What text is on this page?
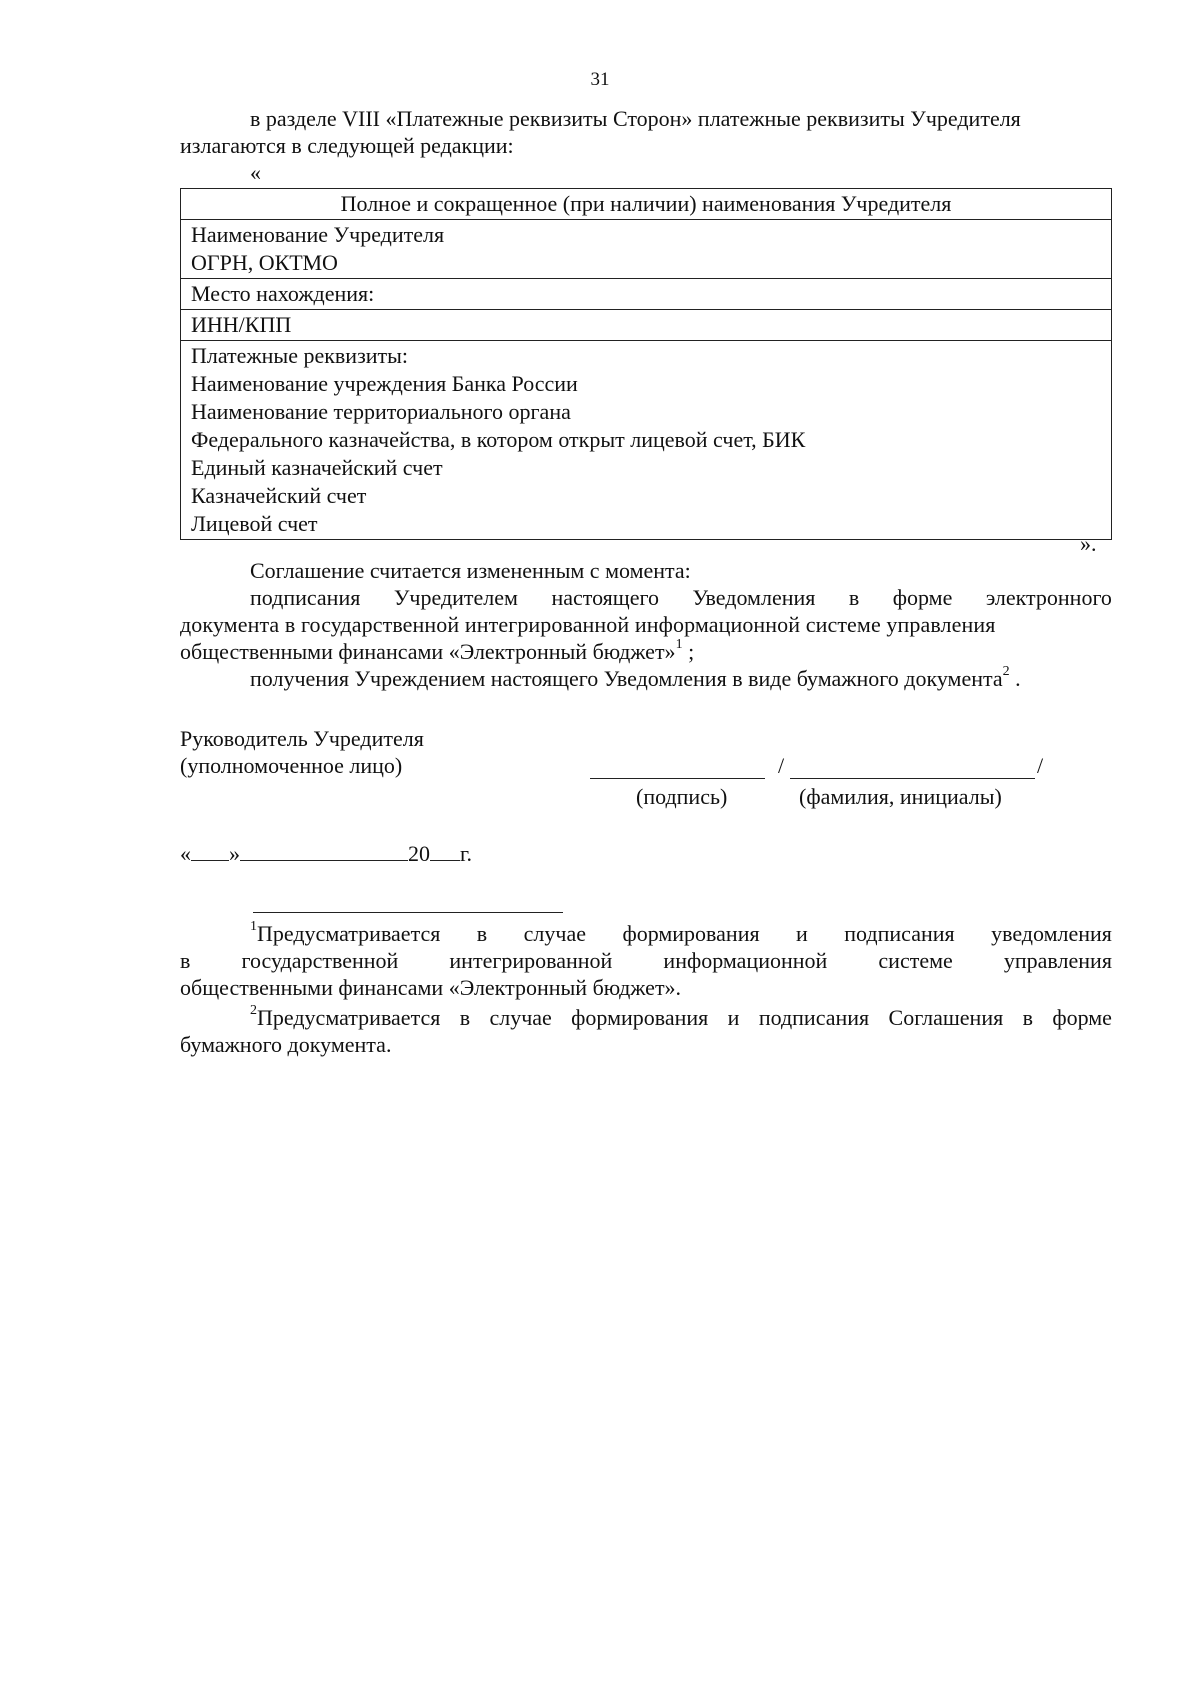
31
в разделе VIII «Платежные реквизиты Сторон» платежные реквизиты Учредителя
излагаются в следующей редакции:
«
Полное и сокращенное (при наличии) наименования Учредителя

Наименование Учредителя
ОГРН, ОКТМО

Место нахождения:
ИНН/КПП

Платежные реквизиты:
Наименование учреждения Банка России
Наименование территориального органа
Федерального казначейства, в котором открыт лицевой счет, БИК
Единый казначейский счет
Казначейский счет
Лицевой счет
».
Соглашение считается измененным с момента:
подписания Учредителем настоящего Уведомления в форме электронного
документа в государственной интегрированной информационной системе управления
общественными финансами «Электронный бюджет»$^1$ ;
получения Учреждением настоящего Уведомления в виде бумажного документа$^2$ .
Руководитель Учредителя
(уполномоченное лицо)	/	/
(подпись)	(фамилия, инициалы)
« »	20 г.
$^1$Предусматривается в случае формирования и подписания уведомления
в государственной интегрированной информационной системе управления
общественными финансами «Электронный бюджет».
$^2$Предусматривается в случае формирования и подписания Соглашения в форме
бумажного документа.
